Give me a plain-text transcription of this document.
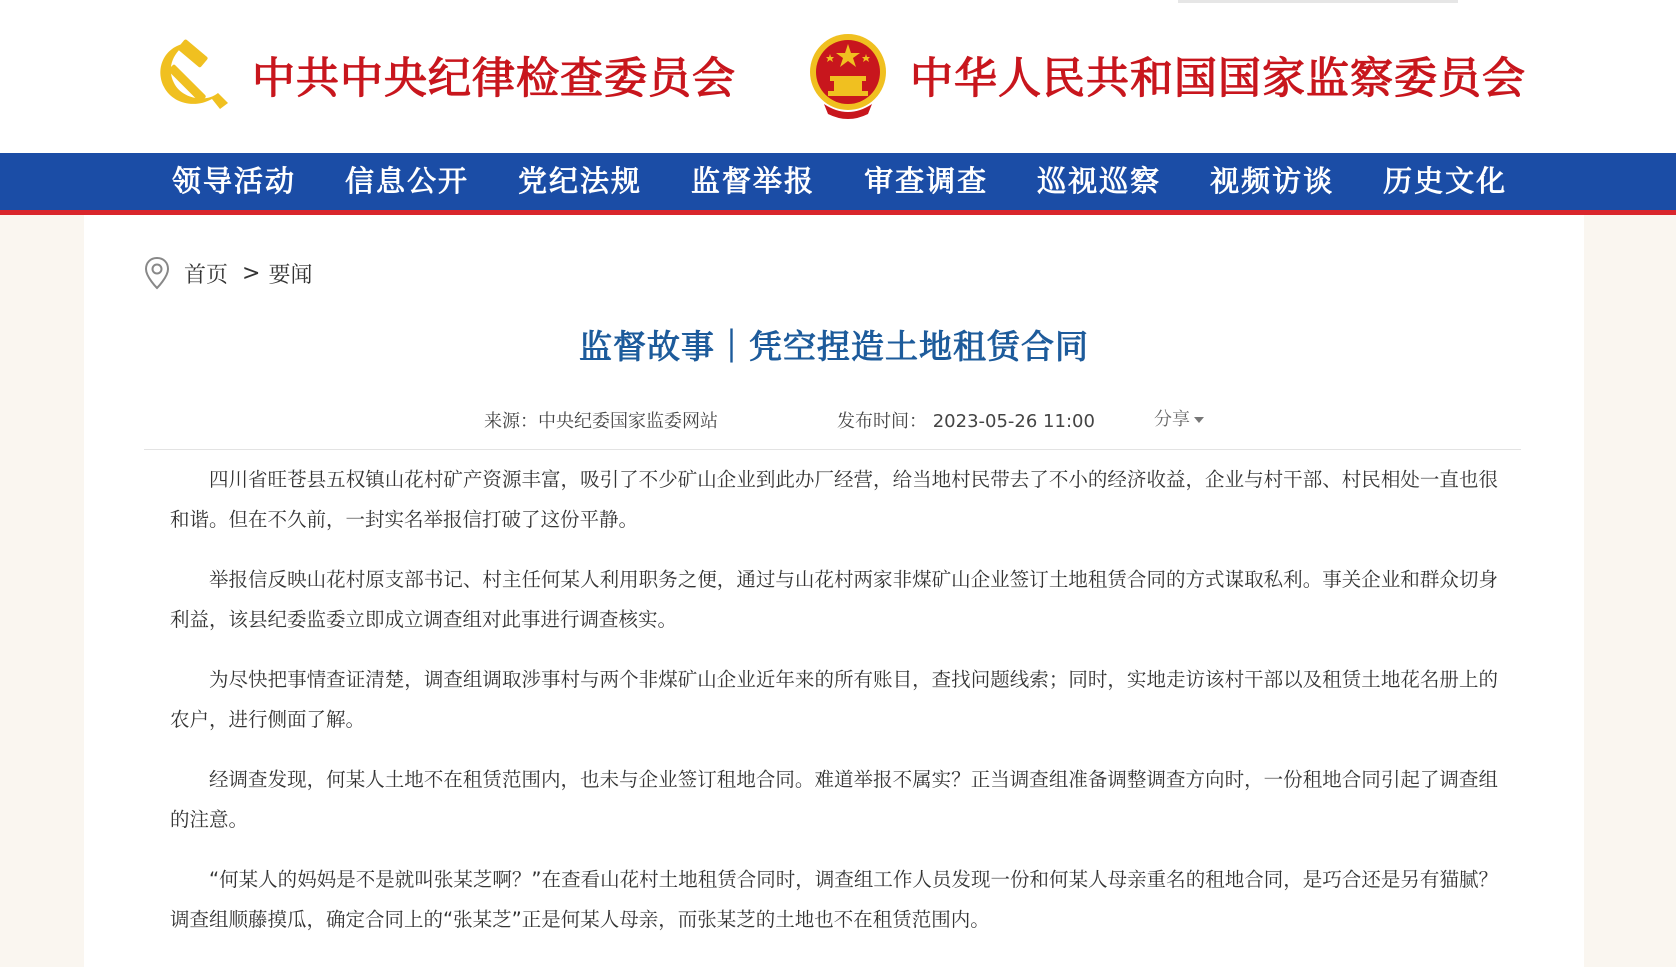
中共中央纪律检查委员会	中华人民共和国国家监察委员会
领导活动 信息公开 党纪法规 监督举报 审查调查 巡视巡察 视频访谈 历史文化
首页 > 要闻
监督故事｜凭空捏造土地租赁合同
来源：中央纪委国家监委网站	发布时间： 2023-05-26 11:00	分享

四川省旺苍县五权镇山花村矿产资源丰富，吸引了不少矿山企业到此办厂经营，给当地村民带去了不小的经济收益，企业与村干部、村民相处一直也很和谐。但在不久前，一封实名举报信打破了这份平静。

举报信反映山花村原支部书记、村主任何某人利用职务之便，通过与山花村两家非煤矿山企业签订土地租赁合同的方式谋取私利。事关企业和群众切身利益，该县纪委监委立即成立调查组对此事进行调查核实。

为尽快把事情查证清楚，调查组调取涉事村与两个非煤矿山企业近年来的所有账目，查找问题线索；同时，实地走访该村干部以及租赁土地花名册上的农户，进行侧面了解。

经调查发现，何某人土地不在租赁范围内，也未与企业签订租地合同。难道举报不属实？正当调查组准备调整调查方向时，一份租地合同引起了调查组的注意。

“何某人的妈妈是不是就叫张某芝啊？”在查看山花村土地租赁合同时，调查组工作人员发现一份和何某人母亲重名的租地合同，是巧合还是另有猫腻？调查组顺藤摸瓜，确定合同上的“张某芝”正是何某人母亲，而张某芝的土地也不在租赁范围内。
